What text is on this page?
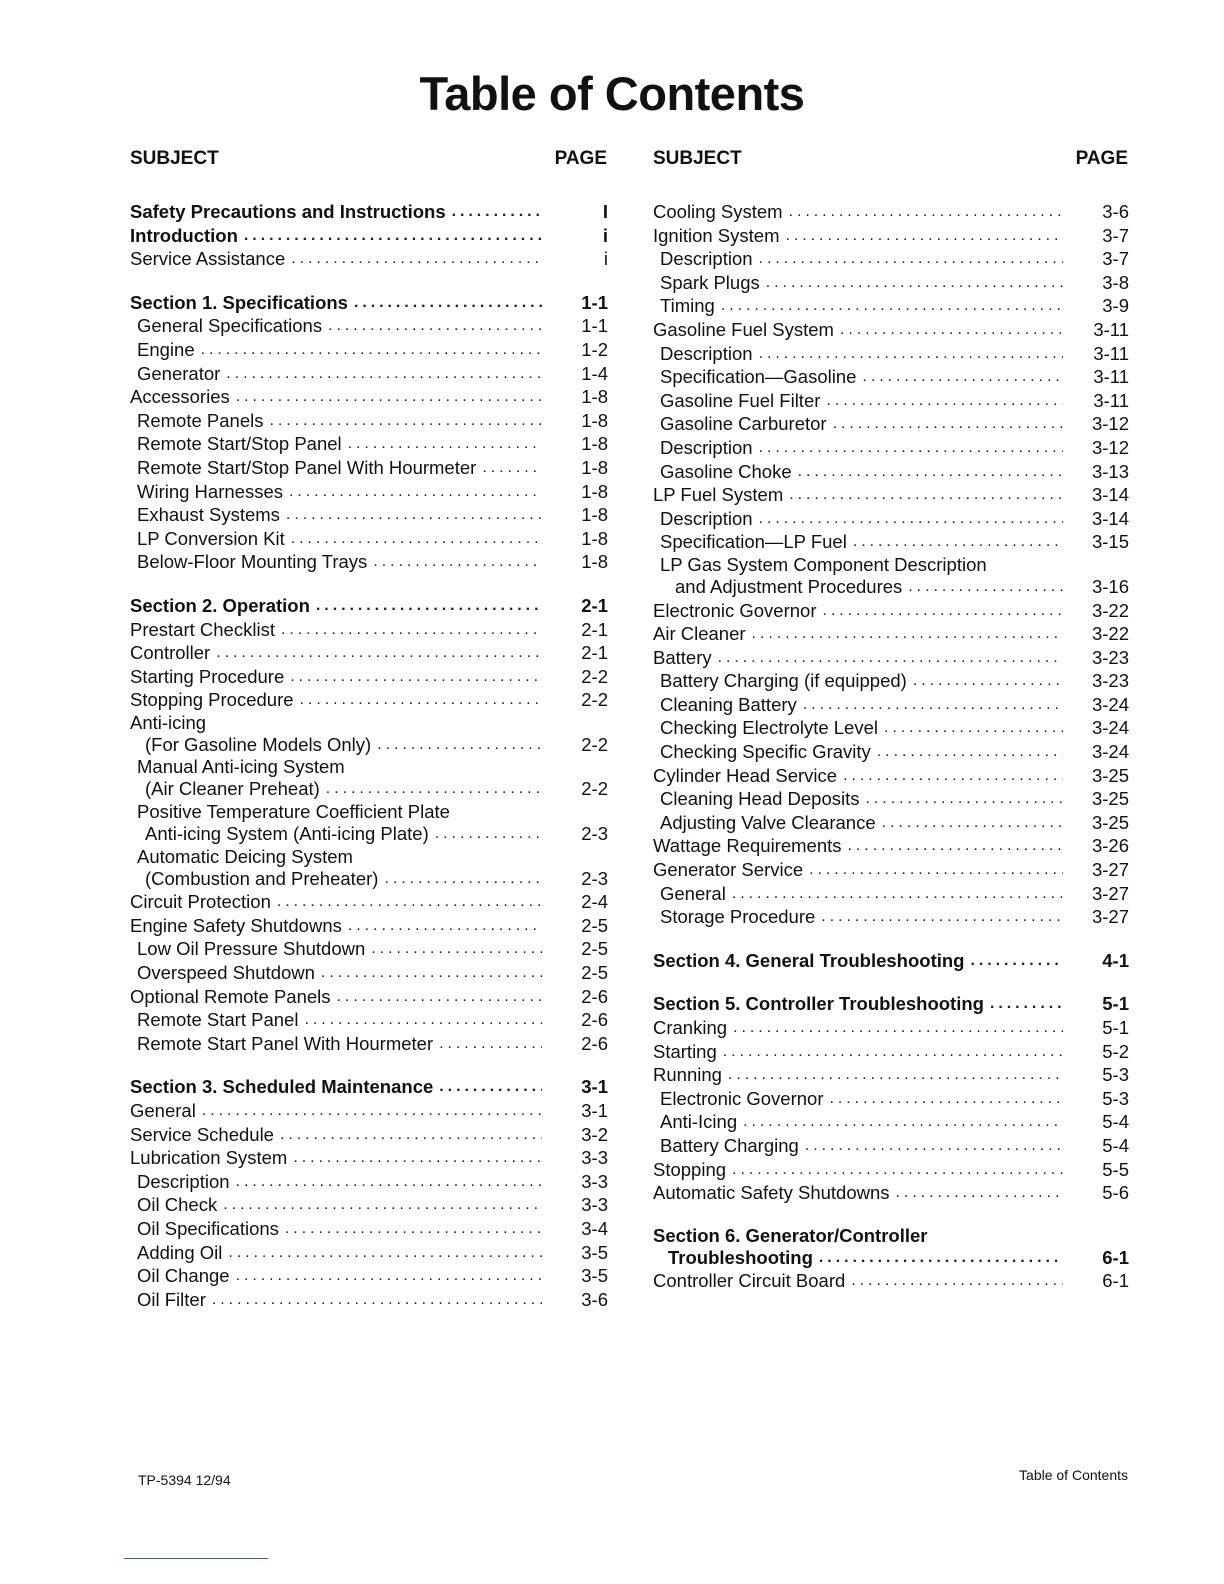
Table of Contents
SUBJECT	PAGE
Safety Precautions and Instructions . . .	I
Introduction . . .	i
Service Assistance . . .	i
Section 1. Specifications . . .	1-1
General Specifications . . .	1-1
Engine . . .	1-2
Generator . . .	1-4
Accessories . . .	1-8
Remote Panels . . .	1-8
Remote Start/Stop Panel . . .	1-8
Remote Start/Stop Panel With Hourmeter . . .	1-8
Wiring Harnesses . . .	1-8
Exhaust Systems . . .	1-8
LP Conversion Kit . . .	1-8
Below-Floor Mounting Trays . . .	1-8
Section 2. Operation . . .	2-1
Prestart Checklist . . .	2-1
Controller . . .	2-1
Starting Procedure . . .	2-2
Stopping Procedure . . .	2-2
Anti-icing
(For Gasoline Models Only) . . .	2-2
Manual Anti-icing System
(Air Cleaner Preheat) . . .	2-2
Positive Temperature Coefficient Plate
Anti-icing System (Anti-icing Plate) . . .	2-3
Automatic Deicing System
(Combustion and Preheater) . . .	2-3
Circuit Protection . . .	2-4
Engine Safety Shutdowns . . .	2-5
Low Oil Pressure Shutdown . . .	2-5
Overspeed Shutdown . . .	2-5
Optional Remote Panels . . .	2-6
Remote Start Panel . . .	2-6
Remote Start Panel With Hourmeter . . .	2-6
Section 3. Scheduled Maintenance . . .	3-1
General . . .	3-1
Service Schedule . . .	3-2
Lubrication System . . .	3-3
Description . . .	3-3
Oil Check . . .	3-3
Oil Specifications . . .	3-4
Adding Oil . . .	3-5
Oil Change . . .	3-5
Oil Filter . . .	3-6
SUBJECT	PAGE
Cooling System . . .	3-6
Ignition System . . .	3-7
Description . . .	3-7
Spark Plugs . . .	3-8
Timing . . .	3-9
Gasoline Fuel System . . .	3-11
Description . . .	3-11
Specification—Gasoline . . .	3-11
Gasoline Fuel Filter . . .	3-11
Gasoline Carburetor . . .	3-12
Description . . .	3-12
Gasoline Choke . . .	3-13
LP Fuel System . . .	3-14
Description . . .	3-14
Specification—LP Fuel . . .	3-15
LP Gas System Component Description
and Adjustment Procedures . . .	3-16
Electronic Governor . . .	3-22
Air Cleaner . . .	3-22
Battery . . .	3-23
Battery Charging (if equipped) . . .	3-23
Cleaning Battery . . .	3-24
Checking Electrolyte Level . . .	3-24
Checking Specific Gravity . . .	3-24
Cylinder Head Service . . .	3-25
Cleaning Head Deposits . . .	3-25
Adjusting Valve Clearance . . .	3-25
Wattage Requirements . . .	3-26
Generator Service . . .	3-27
General . . .	3-27
Storage Procedure . . .	3-27
Section 4. General Troubleshooting . . .	4-1
Section 5. Controller Troubleshooting . . .	5-1
Cranking . . .	5-1
Starting . . .	5-2
Running . . .	5-3
Electronic Governor . . .	5-3
Anti-Icing . . .	5-4
Battery Charging . . .	5-4
Stopping . . .	5-5
Automatic Safety Shutdowns . . .	5-6
Section 6. Generator/Controller
Troubleshooting . . .	6-1
Controller Circuit Board . . .	6-1
TP-5394 12/94	Table of Contents
